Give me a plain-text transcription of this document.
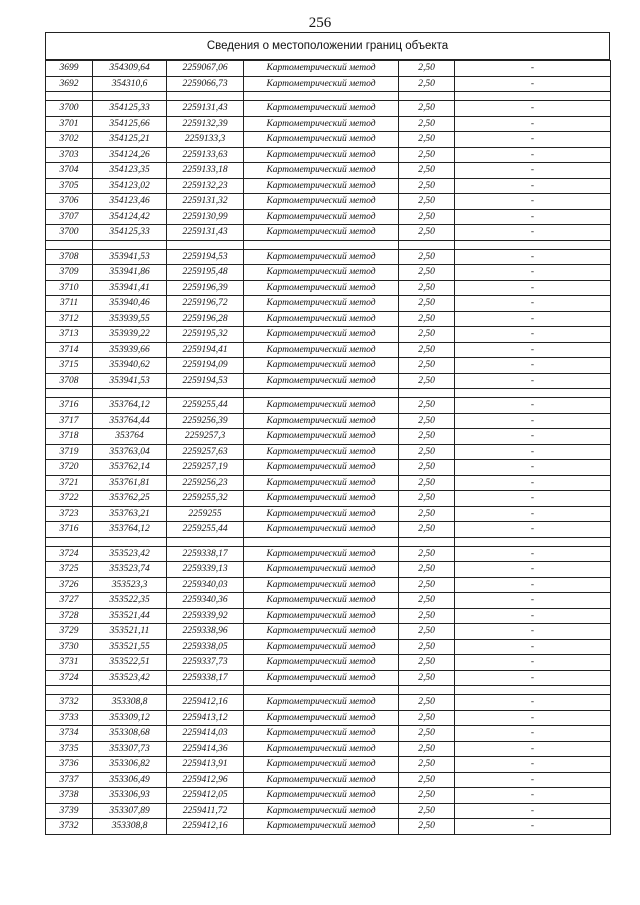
256
Сведения о местоположении границ объекта
3699	354309,64	2259067,06	Картометрический метод	2,50	-
3692	354310,6	2259066,73	Картометрический метод	2,50	-

3700	354125,33	2259131,43	Картометрический метод	2,50	-
3701	354125,66	2259132,39	Картометрический метод	2,50	-
3702	354125,21	2259133,3	Картометрический метод	2,50	-
3703	354124,26	2259133,63	Картометрический метод	2,50	-
3704	354123,35	2259133,18	Картометрический метод	2,50	-
3705	354123,02	2259132,23	Картометрический метод	2,50	-
3706	354123,46	2259131,32	Картометрический метод	2,50	-
3707	354124,42	2259130,99	Картометрический метод	2,50	-
3700	354125,33	2259131,43	Картометрический метод	2,50	-

3708	353941,53	2259194,53	Картометрический метод	2,50	-
3709	353941,86	2259195,48	Картометрический метод	2,50	-
3710	353941,41	2259196,39	Картометрический метод	2,50	-
3711	353940,46	2259196,72	Картометрический метод	2,50	-
3712	353939,55	2259196,28	Картометрический метод	2,50	-
3713	353939,22	2259195,32	Картометрический метод	2,50	-
3714	353939,66	2259194,41	Картометрический метод	2,50	-
3715	353940,62	2259194,09	Картометрический метод	2,50	-
3708	353941,53	2259194,53	Картометрический метод	2,50	-

3716	353764,12	2259255,44	Картометрический метод	2,50	-
3717	353764,44	2259256,39	Картометрический метод	2,50	-
3718	353764	2259257,3	Картометрический метод	2,50	-
3719	353763,04	2259257,63	Картометрический метод	2,50	-
3720	353762,14	2259257,19	Картометрический метод	2,50	-
3721	353761,81	2259256,23	Картометрический метод	2,50	-
3722	353762,25	2259255,32	Картометрический метод	2,50	-
3723	353763,21	2259255	Картометрический метод	2,50	-
3716	353764,12	2259255,44	Картометрический метод	2,50	-

3724	353523,42	2259338,17	Картометрический метод	2,50	-
3725	353523,74	2259339,13	Картометрический метод	2,50	-
3726	353523,3	2259340,03	Картометрический метод	2,50	-
3727	353522,35	2259340,36	Картометрический метод	2,50	-
3728	353521,44	2259339,92	Картометрический метод	2,50	-
3729	353521,11	2259338,96	Картометрический метод	2,50	-
3730	353521,55	2259338,05	Картометрический метод	2,50	-
3731	353522,51	2259337,73	Картометрический метод	2,50	-
3724	353523,42	2259338,17	Картометрический метод	2,50	-

3732	353308,8	2259412,16	Картометрический метод	2,50	-
3733	353309,12	2259413,12	Картометрический метод	2,50	-
3734	353308,68	2259414,03	Картометрический метод	2,50	-
3735	353307,73	2259414,36	Картометрический метод	2,50	-
3736	353306,82	2259413,91	Картометрический метод	2,50	-
3737	353306,49	2259412,96	Картометрический метод	2,50	-
3738	353306,93	2259412,05	Картометрический метод	2,50	-
3739	353307,89	2259411,72	Картометрический метод	2,50	-
3732	353308,8	2259412,16	Картометрический метод	2,50	-
